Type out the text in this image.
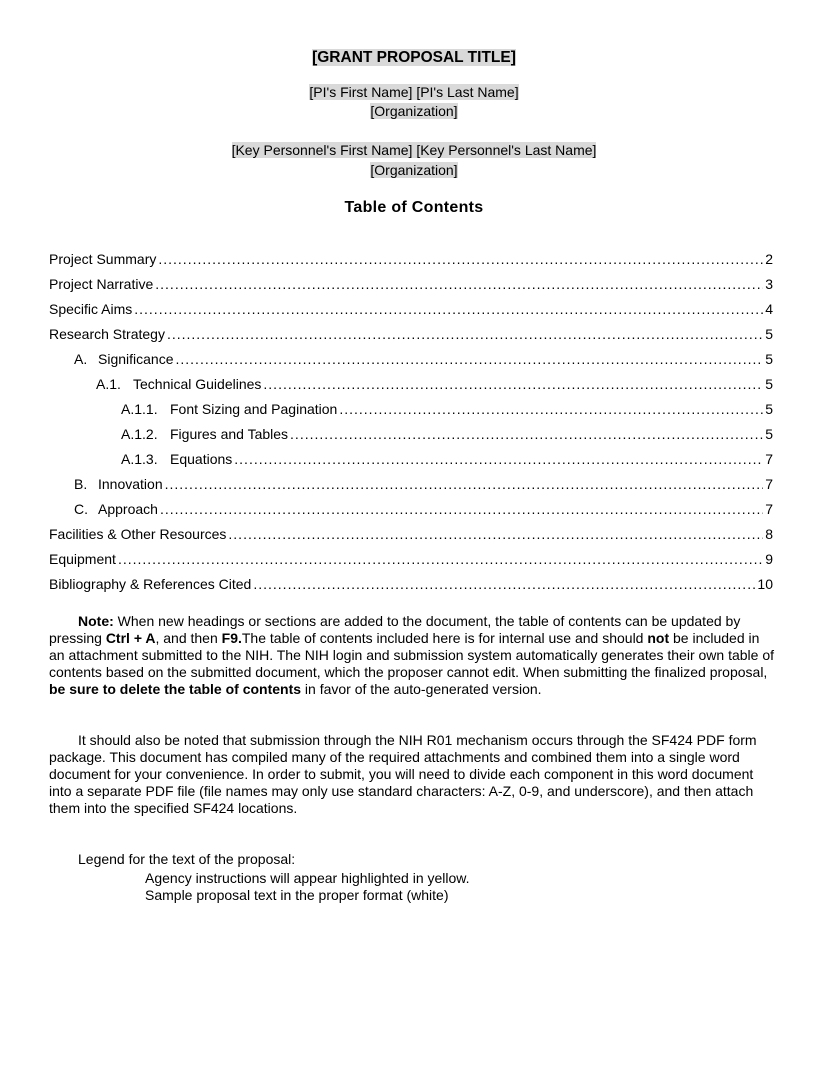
[GRANT PROPOSAL TITLE]
[PI's First Name] [PI's Last Name]
[Organization]
[Key Personnel's First Name] [Key Personnel's Last Name]
[Organization]
Table of Contents
Project Summary .....	2
Project Narrative .....	3
Specific Aims .....	4
Research Strategy .....	5
A. Significance .....	5
A.1. Technical Guidelines .....	5
A.1.1. Font Sizing and Pagination .....	5
A.1.2. Figures and Tables .....	5
A.1.3. Equations .....	7
B. Innovation .....	7
C. Approach .....	7
Facilities & Other Resources .....	8
Equipment .....	9
Bibliography & References Cited .....	10

Note: When new headings or sections are added to the document, the table of contents can be updated by pressing Ctrl + A, and then F9.The table of contents included here is for internal use and should not be included in an attachment submitted to the NIH. The NIH login and submission system automatically generates their own table of contents based on the submitted document, which the proposer cannot edit. When submitting the finalized proposal, be sure to delete the table of contents in favor of the auto-generated version.

It should also be noted that submission through the NIH R01 mechanism occurs through the SF424 PDF form package. This document has compiled many of the required attachments and combined them into a single word document for your convenience. In order to submit, you will need to divide each component in this word document into a separate PDF file (file names may only use standard characters: A-Z, 0-9, and underscore), and then attach them into the specified SF424 locations.

Legend for the text of the proposal:
Agency instructions will appear highlighted in yellow.
Sample proposal text in the proper format (white)
